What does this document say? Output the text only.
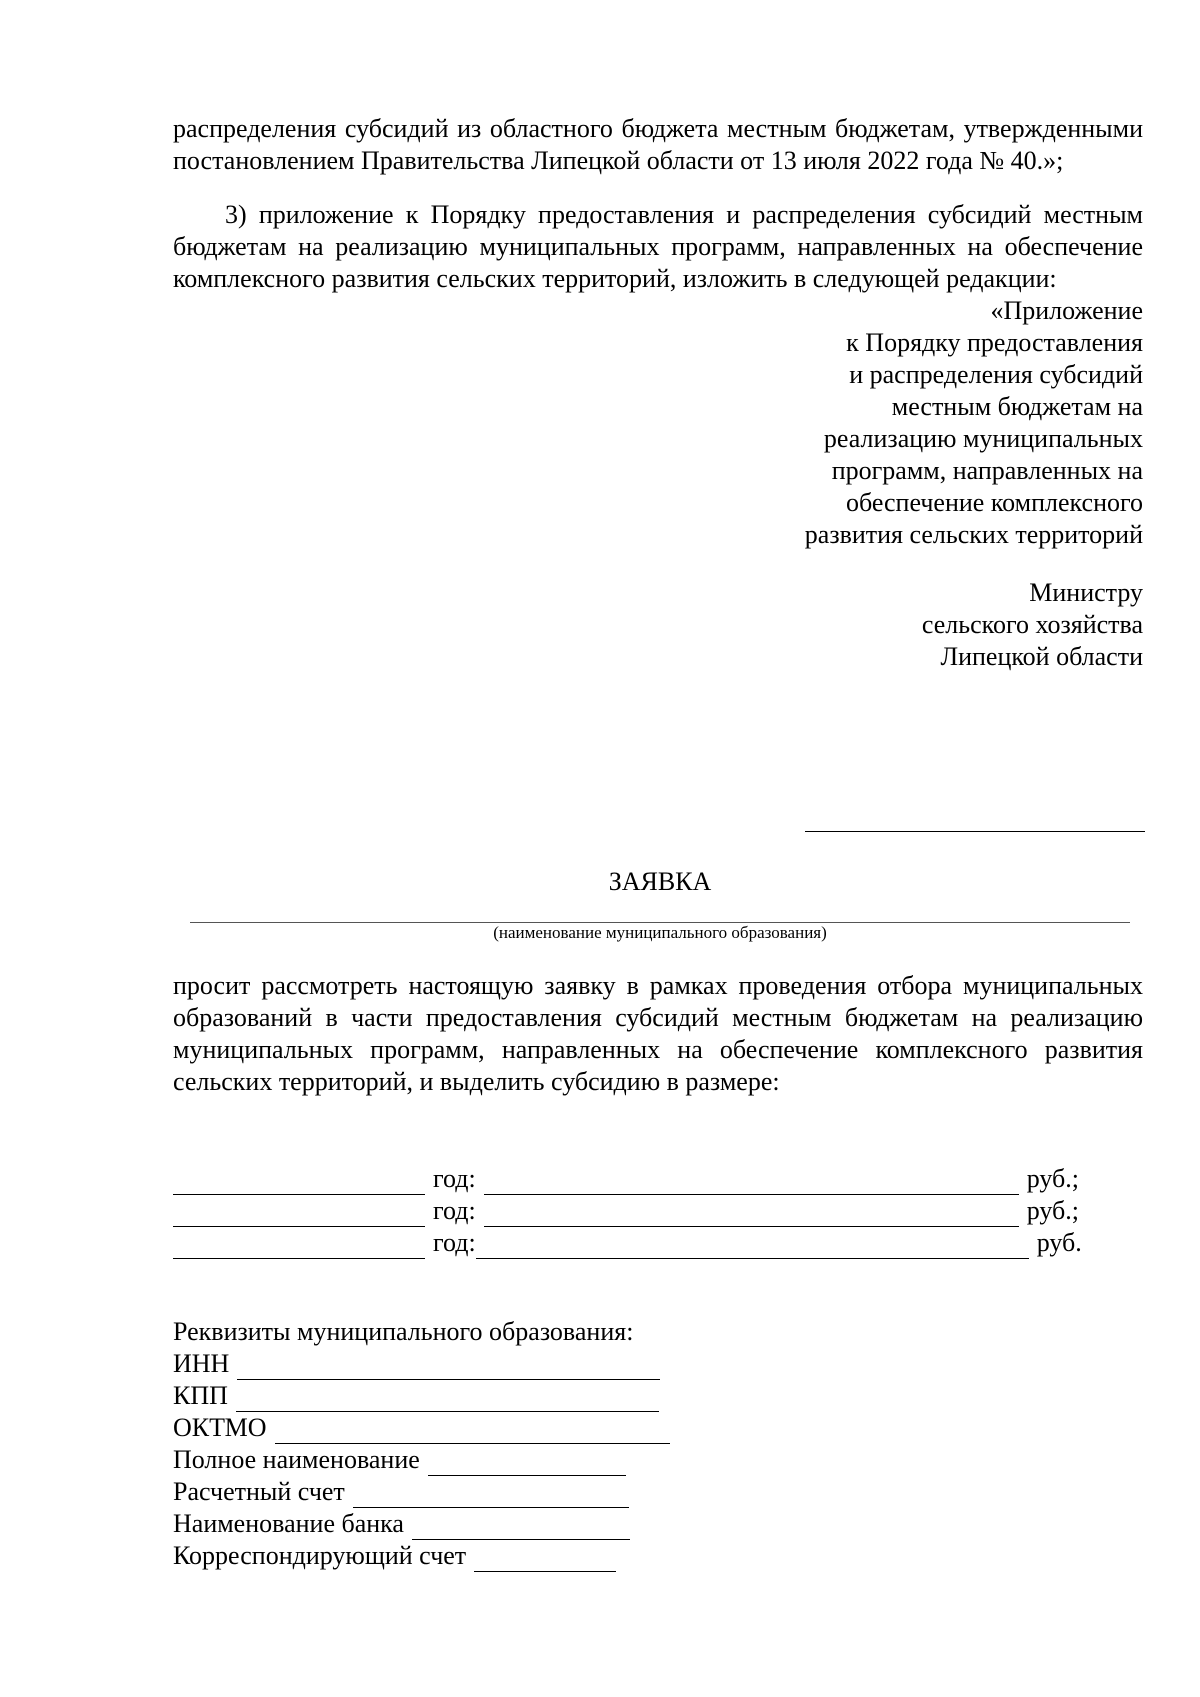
распределения субсидий из областного бюджета местным бюджетам, утвержденными постановлением Правительства Липецкой области от 13 июля 2022 года № 40.»;

3) приложение к Порядку предоставления и распределения субсидий местным бюджетам на реализацию муниципальных программ, направленных на обеспечение комплексного развития сельских территорий, изложить в следующей редакции:

«Приложение
к Порядку предоставления
и распределения субсидий
местным бюджетам на
реализацию муниципальных
программ, направленных на
обеспечение комплексного
развития сельских территорий
Министру
сельского хозяйства
Липецкой области
ЗАЯВКА
(наименование муниципального образования)

просит рассмотреть настоящую заявку в рамках проведения отбора муниципальных образований в части предоставления субсидий местным бюджетам на реализацию муниципальных программ, направленных на обеспечение комплексного развития сельских территорий, и выделить субсидию в размере:

год:	руб.;
год:	руб.;
год:	руб.
Реквизиты муниципального образования:
ИНН
КПП
ОКТМО
Полное наименование
Расчетный счет
Наименование банка
Корреспондирующий счет
